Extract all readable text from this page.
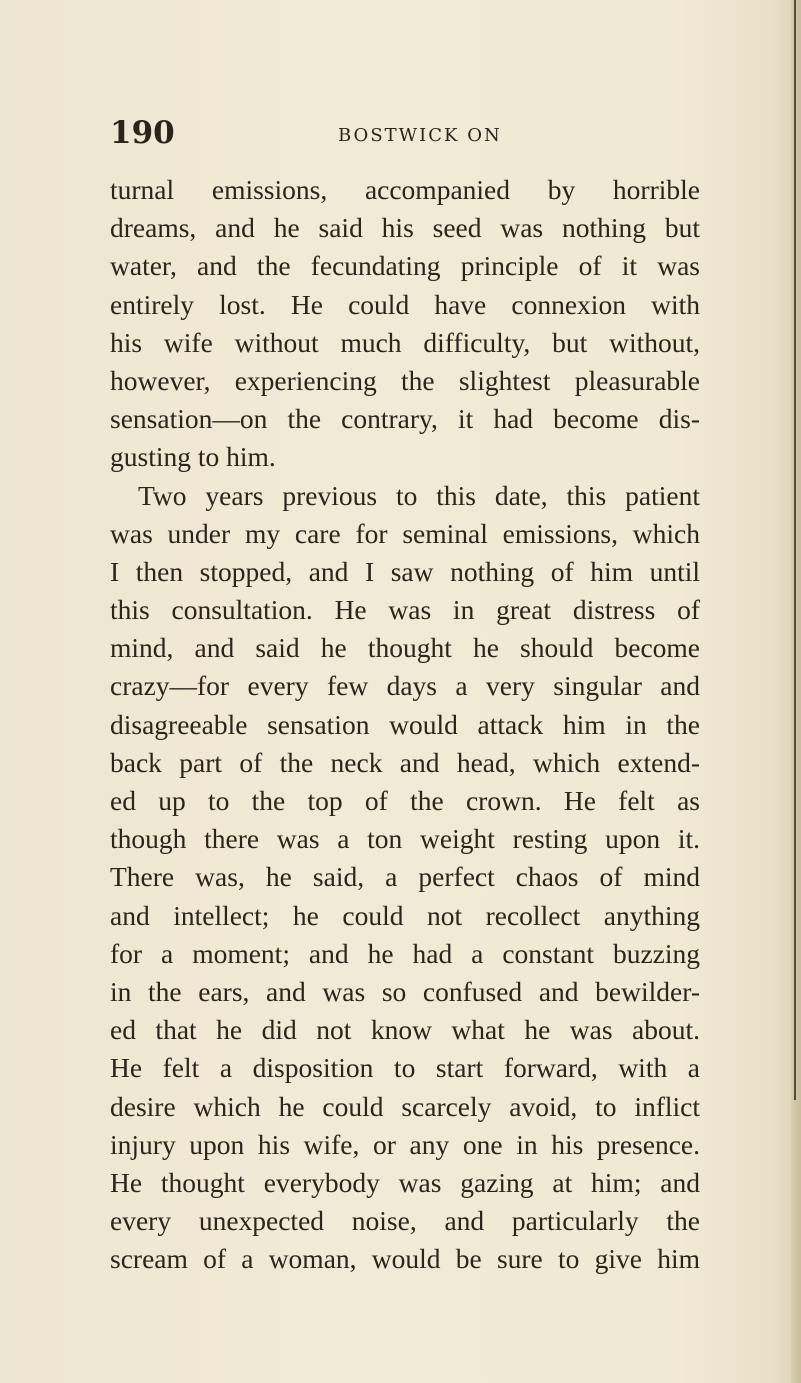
190	BOSTWICK ON
turnal emissions, accompanied by horrible
dreams, and he said his seed was nothing but
water, and the fecundating principle of it was
entirely lost. He could have connexion with
his wife without much difficulty, but without,
however, experiencing the slightest pleasurable
sensation—on the contrary, it had become dis-
gusting to him.
Two years previous to this date, this patient
was under my care for seminal emissions, which
I then stopped, and I saw nothing of him until
this consultation. He was in great distress of
mind, and said he thought he should become
crazy—for every few days a very singular and
disagreeable sensation would attack him in the
back part of the neck and head, which extend-
ed up to the top of the crown. He felt as
though there was a ton weight resting upon it.
There was, he said, a perfect chaos of mind
and intellect; he could not recollect anything
for a moment; and he had a constant buzzing
in the ears, and was so confused and bewilder-
ed that he did not know what he was about.
He felt a disposition to start forward, with a
desire which he could scarcely avoid, to inflict
injury upon his wife, or any one in his presence.
He thought everybody was gazing at him; and
every unexpected noise, and particularly the
scream of a woman, would be sure to give him
